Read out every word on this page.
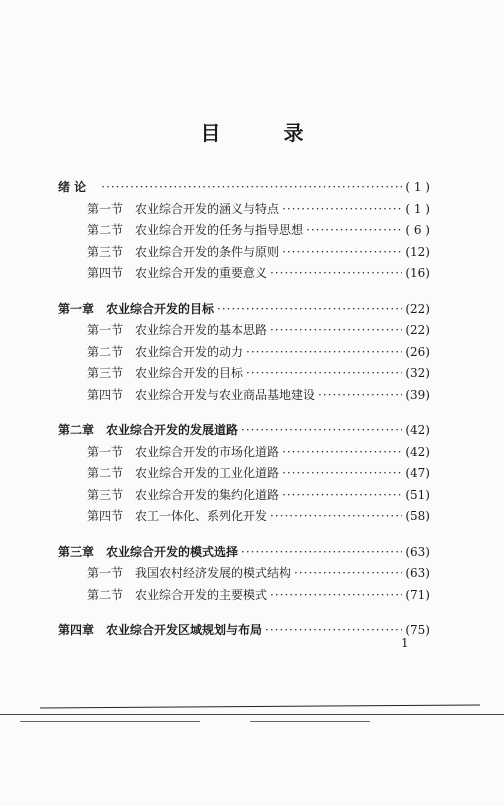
目 录
绪 论 ·····	( 1 )
第一节 农业综合开发的涵义与特点 ·····	( 1 )
第二节 农业综合开发的任务与指导思想 ·····	( 6 )
第三节 农业综合开发的条件与原则 ·····	(12)
第四节 农业综合开发的重要意义 ·····	(16)
第一章 农业综合开发的目标 ·····	(22)
第一节 农业综合开发的基本思路 ·····	(22)
第二节 农业综合开发的动力 ·····	(26)
第三节 农业综合开发的目标 ·····	(32)
第四节 农业综合开发与农业商品基地建设 ·····	(39)
第二章 农业综合开发的发展道路 ·····	(42)
第一节 农业综合开发的市场化道路 ·····	(42)
第二节 农业综合开发的工业化道路 ·····	(47)
第三节 农业综合开发的集约化道路 ·····	(51)
第四节 农工一体化、系列化开发 ·····	(58)
第三章 农业综合开发的模式选择 ·····	(63)
第一节 我国农村经济发展的模式结构 ·····	(63)
第二节 农业综合开发的主要模式 ·····	(71)
第四章 农业综合开发区域规划与布局 ·····	(75)
1
